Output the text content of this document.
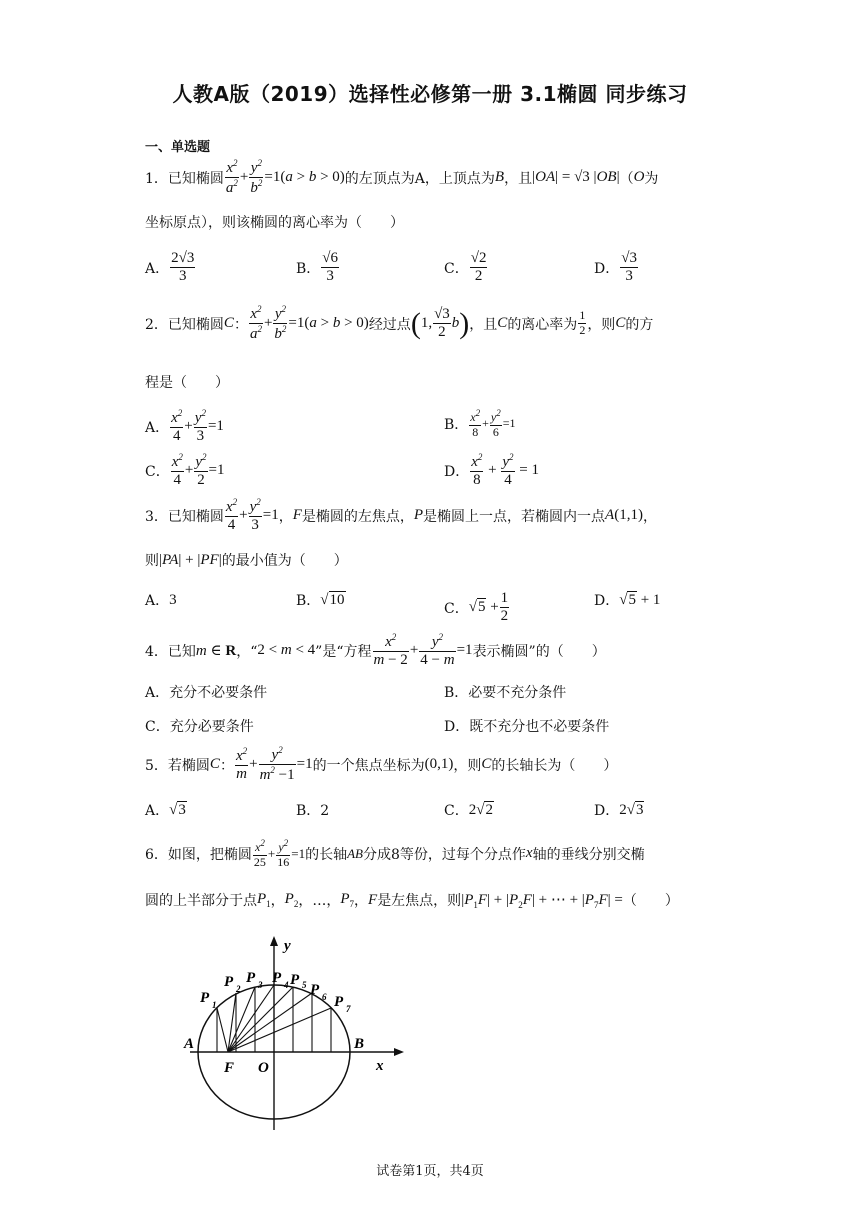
人教A版（2019）选择性必修第一册 3.1椭圆 同步练习
一、单选题
1． 已知椭圆 $\frac{x^2}{a^2} + \frac{y^2}{b^2} =1(a > b > 0)$ 的左顶点为A，上顶点为 B ，且 |OA| = √3 |OB| （ O 为
坐标原点），则该椭圆的离心率为（　　）
A． $\frac{2√3}{3}$	B． $\frac{√6}{3}$	C． $\frac{√2}{2}$	D． $\frac{√3}{3}$
2． 已知椭圆 C ： $\frac{x^2}{a^2} + \frac{y^2}{b^2} =1(a > b > 0)$ 经过点 ( 1, $\frac{√3}{2}$ b ) ，且 C 的离心率为 $\frac{1}{2}$ ，则 C 的方
程是（　　）
A． $\frac{x^2}{4} + \frac{y^2}{3} =1$	B． $\frac{x^2}{8} + \frac{y^2}{6} =1$
C． $\frac{x^2}{4} + \frac{y^2}{2} =1$	D． $\frac{x^2}{8} + \frac{y^2}{4} = 1$
3． 已知椭圆 $\frac{x^2}{4} + \frac{y^2}{3} =1$ ， F 是椭圆的左焦点， P 是椭圆上一点，若椭圆内一点 A(1,1) ，
则 |PA| + |PF| 的最小值为（　　）
A． 3	B． √10
C． $√5 + \frac{1}{2}$	D． √5 + 1
4． 已知 m ∈ R ，“ 2 < m < 4 ”是“方程 $\frac{x^2}{m - 2} + \frac{y^2}{4 - m} =1$ 表示椭圆”的（　　）
A．充分不必要条件	B．必要不充分条件
C．充分必要条件	D．既不充分也不必要条件
5． 若椭圆 C ： $\frac{x^2}{m} + \frac{y^2}{m^2 -1} =1$ 的一个焦点坐标为 (0,1) ，则 C 的长轴长为（　　）
A． √3	B．2	C． 2√2	D． 2√3
6． 如图，把椭圆 $\frac{x^2}{25} + \frac{y^2}{16} =1$ 的长轴 AB 分成8等份，过每个分点作 x 轴的垂线分别交椭
圆的上半部分于点 $P_1$ ， $P_2$ ，…， $P_7$ ， F 是左焦点，则 $|P_1F| + |P_2F|$ + ⋯ + $|P_7F|$ = （　　）
y
x
A	B
F O
P 1
P 2
P 3 P 4 P 5 P 6 P 7
试卷第1页，共4页
